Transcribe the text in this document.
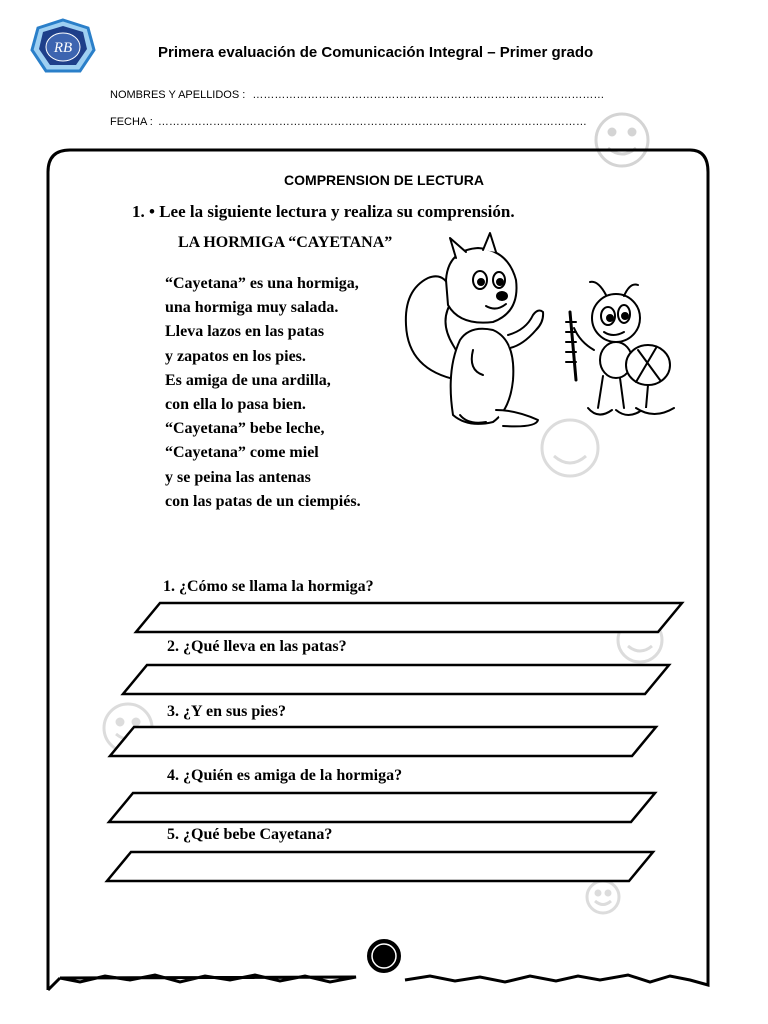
RB	Primera evaluación de Comunicación Integral – Primer grado
NOMBRES Y APELLIDOS : ……………………………………………………………………………………
FECHA : ………………………………………………………………………………………………………
COMPRENSION DE LECTURA
1. • Lee la siguiente lectura y realiza su comprensión.
LA HORMIGA “CAYETANA”
“Cayetana” es una hormiga,
una hormiga muy salada.
Lleva lazos en las patas
y zapatos en los pies.
Es amiga de una ardilla,
con ella lo pasa bien.
“Cayetana” bebe leche,
“Cayetana” come miel
y se peina las antenas
con las patas de un ciempiés.
1. ¿Cómo se llama la hormiga?
2. ¿Qué lleva en las patas?
3. ¿Y en sus pies?
4. ¿Quién es amiga de la hormiga?
5. ¿Qué bebe Cayetana?
